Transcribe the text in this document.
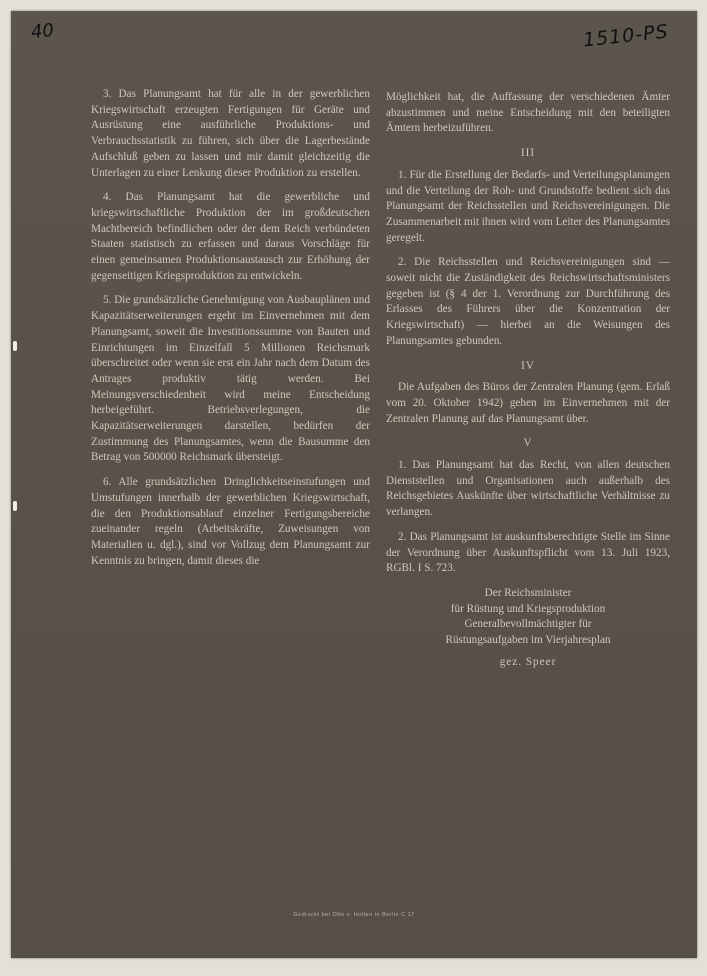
40	1510-PS

3. Das Planungsamt hat für alle in der gewerblichen Kriegswirtschaft erzeugten Fertigungen für Geräte und Ausrüstung eine ausführliche Produktions- und Verbrauchsstatistik zu führen, sich über die Lagerbestände Aufschluß geben zu lassen und mir damit gleichzeitig die Unterlagen zu einer Lenkung dieser Produktion zu erstellen.

4. Das Planungsamt hat die gewerbliche und kriegswirtschaftliche Produktion der im großdeutschen Machtbereich befindlichen oder der dem Reich verbündeten Staaten statistisch zu erfassen und daraus Vorschläge für einen gemeinsamen Produktionsaustausch zur Erhöhung der gegenseitigen Kriegsproduktion zu entwickeln.

5. Die grundsätzliche Genehmigung von Ausbauplänen und Kapazitätserweiterungen ergeht im Einvernehmen mit dem Planungsamt, soweit die Investitionssumme von Bauten und Einrichtungen im Einzelfall 5 Millionen Reichsmark überschreitet oder wenn sie erst ein Jahr nach dem Datum des Antrages produktiv tätig werden. Bei Meinungsverschiedenheit wird meine Entscheidung herbeigeführt. Betriebsverlegungen, die Kapazitätserweiterungen darstellen, bedürfen der Zustimmung des Planungsamtes, wenn die Bausumme den Betrag von 500000 Reichsmark übersteigt.

6. Alle grundsätzlichen Dringlichkeitseinstufungen und Umstufungen innerhalb der gewerblichen Kriegswirtschaft, die den Produktionsablauf einzelner Fertigungsbereiche zueinander regeln (Arbeitskräfte, Zuweisungen von Materialien u. dgl.), sind vor Vollzug dem Planungsamt zur Kenntnis zu bringen, damit dieses die

Möglichkeit hat, die Auffassung der verschiedenen Ämter abzustimmen und meine Entscheidung mit den beteiligten Ämtern herbeizuführen.

III

1. Für die Erstellung der Bedarfs- und Verteilungsplanungen und die Verteilung der Roh- und Grundstoffe bedient sich das Planungsamt der Reichsstellen und Reichsvereinigungen. Die Zusammenarbeit mit ihnen wird vom Leiter des Planungsamtes geregelt.

2. Die Reichsstellen und Reichsvereinigungen sind — soweit nicht die Zuständigkeit des Reichswirtschaftsministers gegeben ist (§ 4 der 1. Verordnung zur Durchführung des Erlasses des Führers über die Konzentration der Kriegswirtschaft) — hierbei an die Weisungen des Planungsamtes gebunden.

IV

Die Aufgaben des Büros der Zentralen Planung (gem. Erlaß vom 20. Oktober 1942) gehen im Einvernehmen mit der Zentralen Planung auf das Planungsamt über.

V

1. Das Planungsamt hat das Recht, von allen deutschen Dienststellen und Organisationen auch außerhalb des Reichsgebietes Auskünfte über wirtschaftliche Verhältnisse zu verlangen.

2. Das Planungsamt ist auskunftsberechtigte Stelle im Sinne der Verordnung über Auskunftspflicht vom 13. Juli 1923, RGBl. I S. 723.

Der Reichsminister
für Rüstung und Kriegsproduktion
Generalbevollmächtigter für
Rüstungsaufgaben im Vierjahresplan
gez. Speer
Gedruckt bei Otto v. Holten in Berlin C 17
